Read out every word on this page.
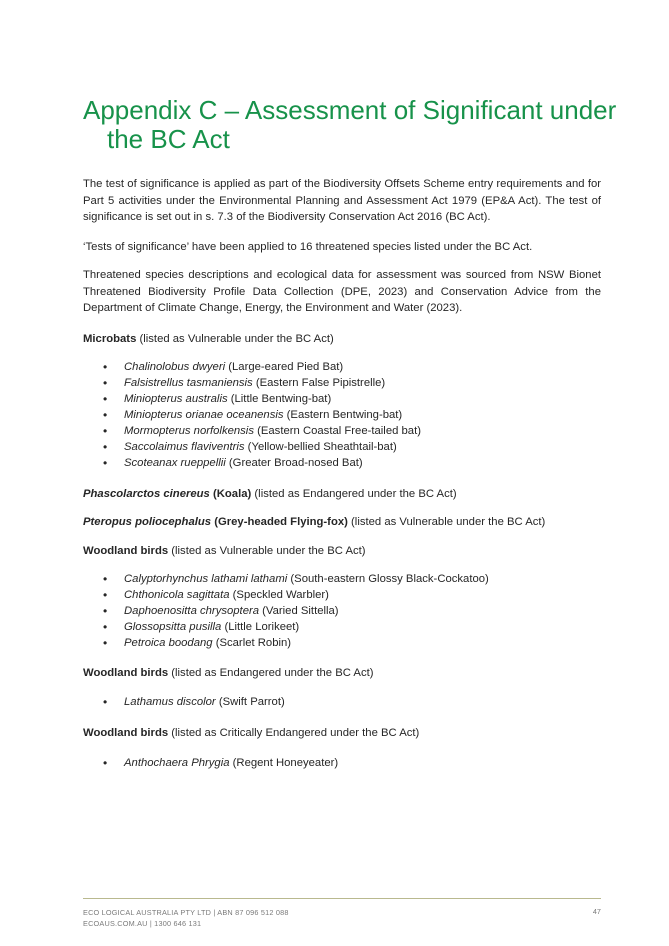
Appendix C – Assessment of Significant under the BC Act
The test of significance is applied as part of the Biodiversity Offsets Scheme entry requirements and for Part 5 activities under the Environmental Planning and Assessment Act 1979 (EP&A Act). The test of significance is set out in s. 7.3 of the Biodiversity Conservation Act 2016 (BC Act).
‘Tests of significance’ have been applied to 16 threatened species listed under the BC Act.
Threatened species descriptions and ecological data for assessment was sourced from NSW Bionet Threatened Biodiversity Profile Data Collection (DPE, 2023) and Conservation Advice from the Department of Climate Change, Energy, the Environment and Water (2023).
Microbats (listed as Vulnerable under the BC Act)
• Chalinolobus dwyeri (Large-eared Pied Bat)
• Falsistrellus tasmaniensis (Eastern False Pipistrelle)
• Miniopterus australis (Little Bentwing-bat)
• Miniopterus orianae oceanensis (Eastern Bentwing-bat)
• Mormopterus norfolkensis (Eastern Coastal Free-tailed bat)
• Saccolaimus flaviventris (Yellow-bellied Sheathtail-bat)
• Scoteanax rueppellii (Greater Broad-nosed Bat)
Phascolarctos cinereus (Koala) (listed as Endangered under the BC Act)
Pteropus poliocephalus (Grey-headed Flying-fox) (listed as Vulnerable under the BC Act)
Woodland birds (listed as Vulnerable under the BC Act)
• Calyptorhynchus lathami lathami (South-eastern Glossy Black-Cockatoo)
• Chthonicola sagittata (Speckled Warbler)
• Daphoenositta chrysoptera (Varied Sittella)
• Glossopsitta pusilla (Little Lorikeet)
• Petroica boodang (Scarlet Robin)
Woodland birds (listed as Endangered under the BC Act)
• Lathamus discolor (Swift Parrot)
Woodland birds (listed as Critically Endangered under the BC Act)
• Anthochaera Phrygia (Regent Honeyeater)
ECO LOGICAL AUSTRALIA PTY LTD | ABN 87 096 512 088
ECOAUS.COM.AU | 1300 646 131
47
